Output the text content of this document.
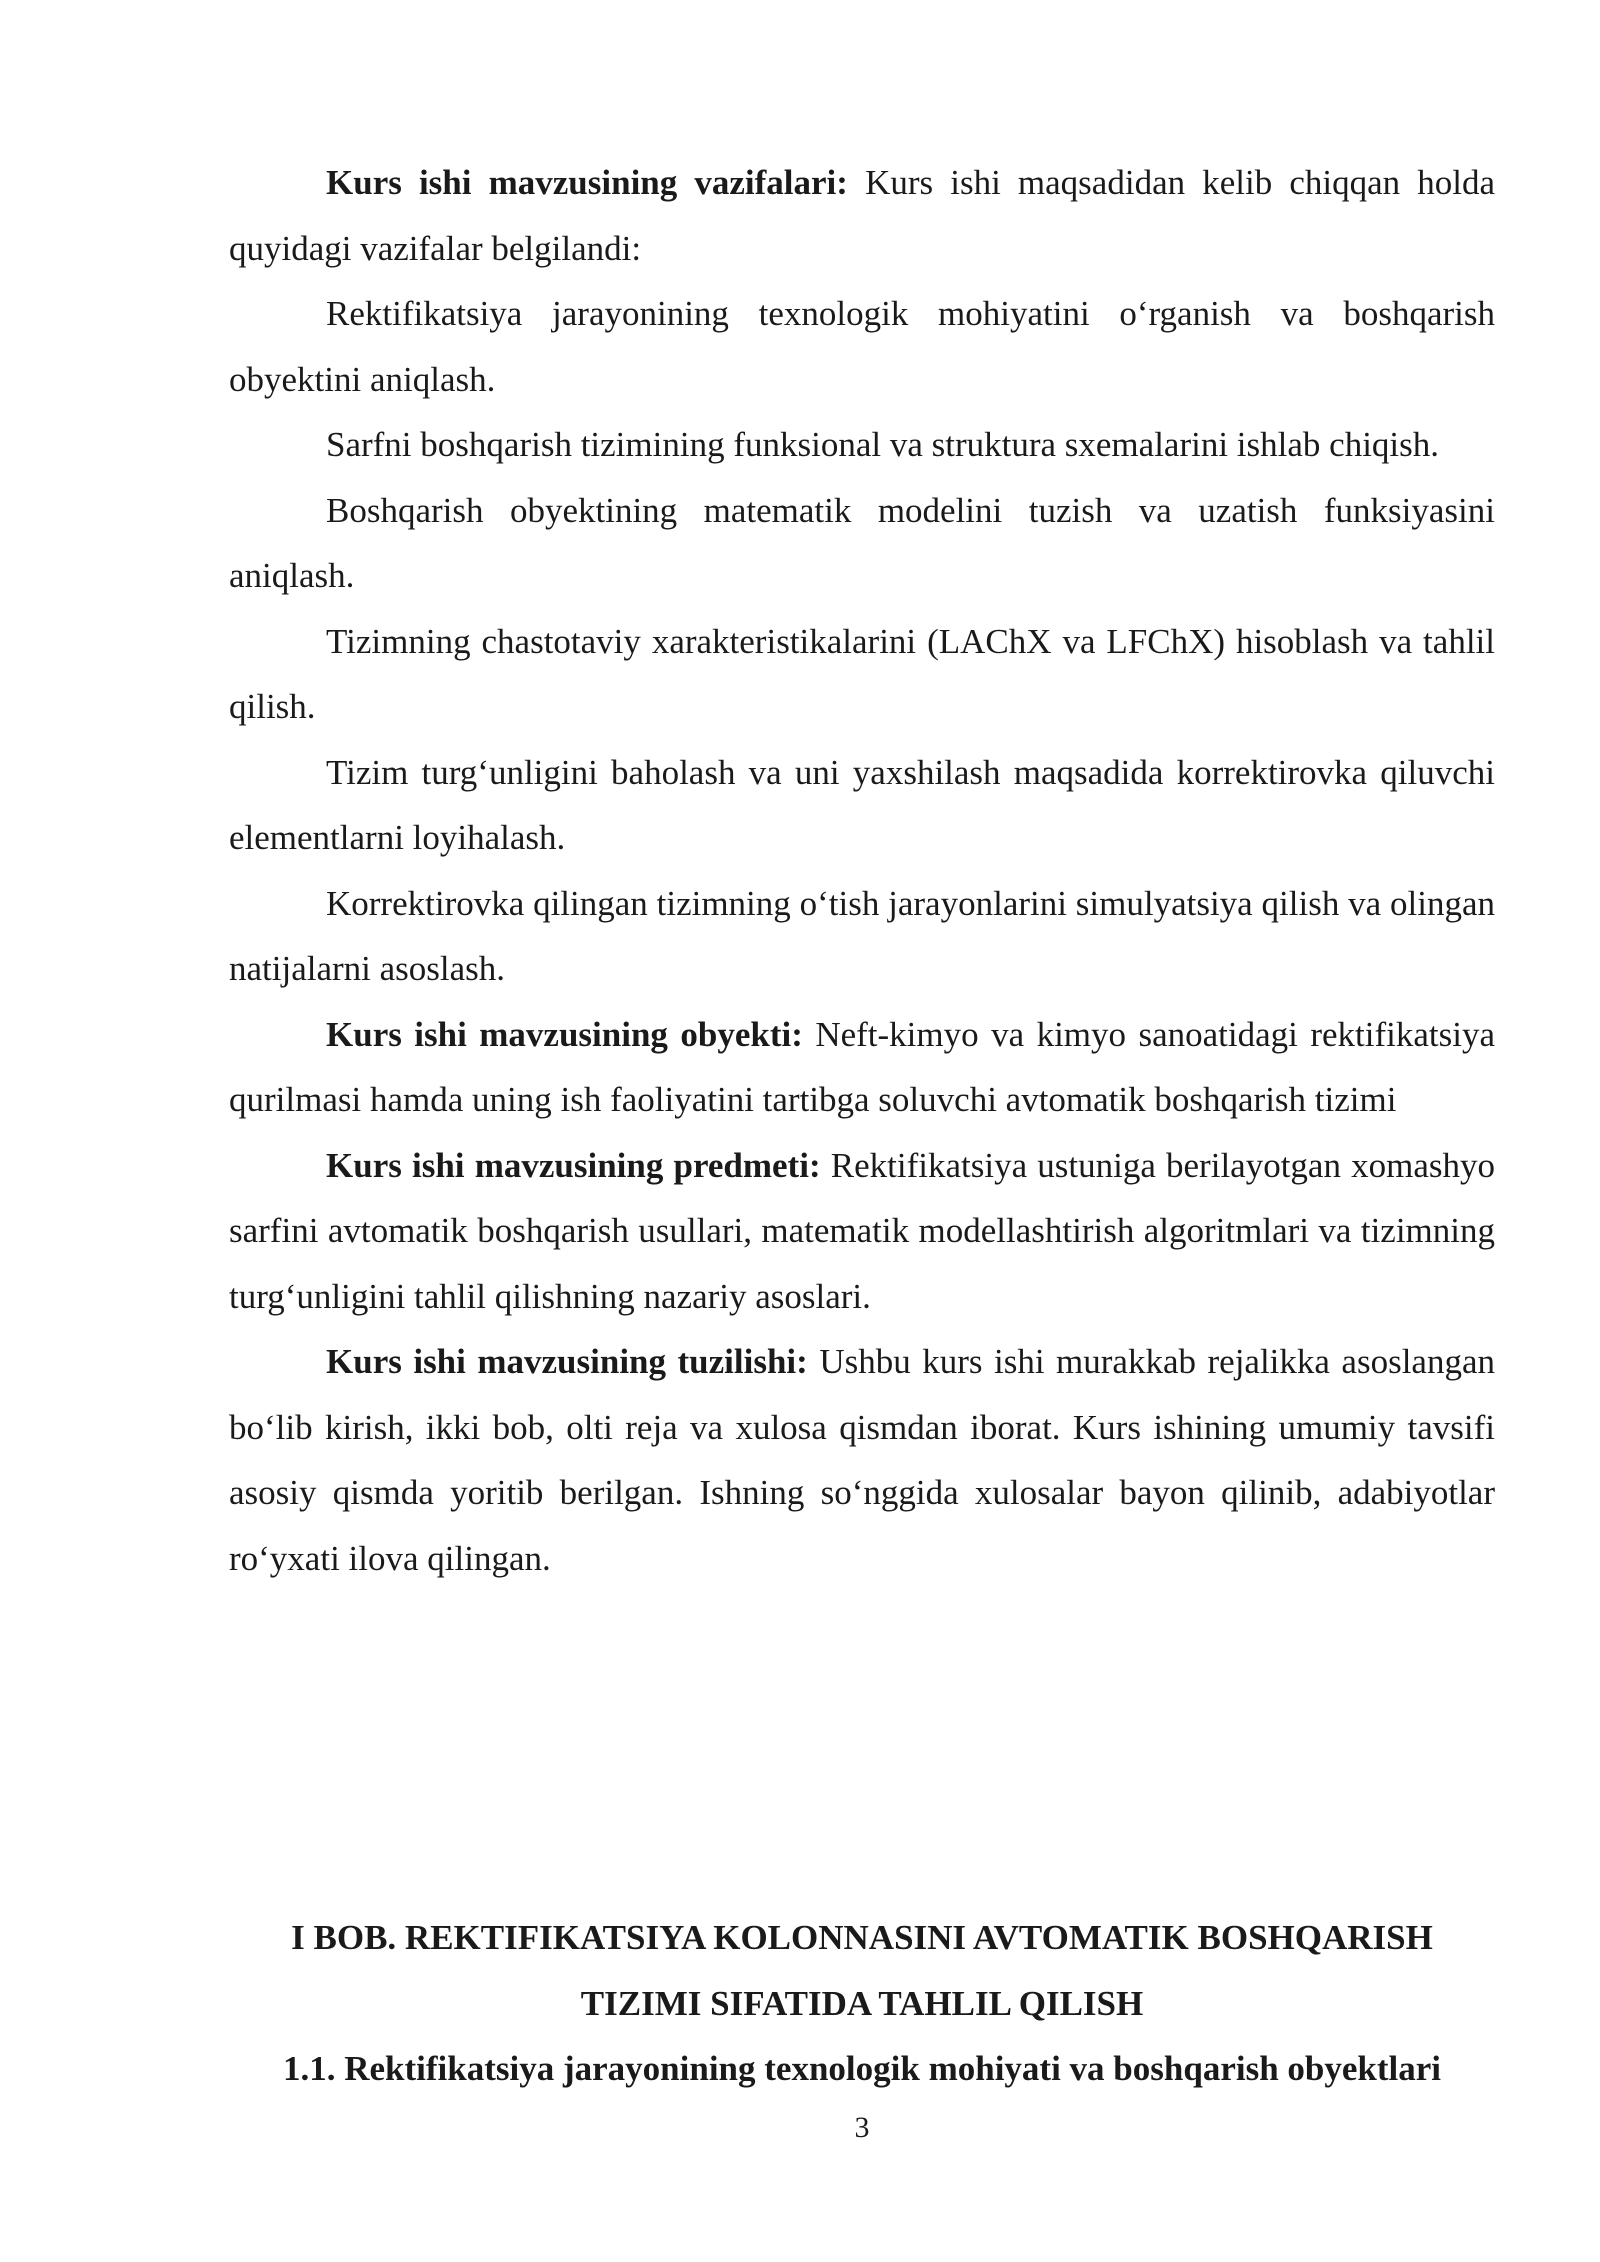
Kurs ishi mavzusining vazifalari: Kurs ishi maqsadidan kelib chiqqan holda quyidagi vazifalar belgilandi:

Rektifikatsiya jarayonining texnologik mohiyatini o‘rganish va boshqarish obyektini aniqlash.

Sarfni boshqarish tizimining funksional va struktura sxemalarini ishlab chiqish.

Boshqarish obyektining matematik modelini tuzish va uzatish funksiyasini aniqlash.

Tizimning chastotaviy xarakteristikalarini (LAChX va LFChX) hisoblash va tahlil qilish.

Tizim turg‘unligini baholash va uni yaxshilash maqsadida korrektirovka qiluvchi elementlarni loyihalash.

Korrektirovka qilingan tizimning o‘tish jarayonlarini simulyatsiya qilish va olingan natijalarni asoslash.

Kurs ishi mavzusining obyekti: Neft-kimyo va kimyo sanoatidagi rektifikatsiya qurilmasi hamda uning ish faoliyatini tartibga soluvchi avtomatik boshqarish tizimi

Kurs ishi mavzusining predmeti: Rektifikatsiya ustuniga berilayotgan xomashyo sarfini avtomatik boshqarish usullari, matematik modellashtirish algoritmlari va tizimning turg‘unligini tahlil qilishning nazariy asoslari.

Kurs ishi mavzusining tuzilishi: Ushbu kurs ishi murakkab rejalikka asoslangan bo‘lib kirish, ikki bob, olti reja va xulosa qismdan iborat. Kurs ishining umumiy tavsifi asosiy qismda yoritib berilgan. Ishning so‘nggida xulosalar bayon qilinib, adabiyotlar ro‘yxati ilova qilingan.

I BOB. REKTIFIKATSIYA KOLONNASINI AVTOMATIK BOSHQARISH
TIZIMI SIFATIDA TAHLIL QILISH
1.1. Rektifikatsiya jarayonining texnologik mohiyati va boshqarish obyektlari
3
